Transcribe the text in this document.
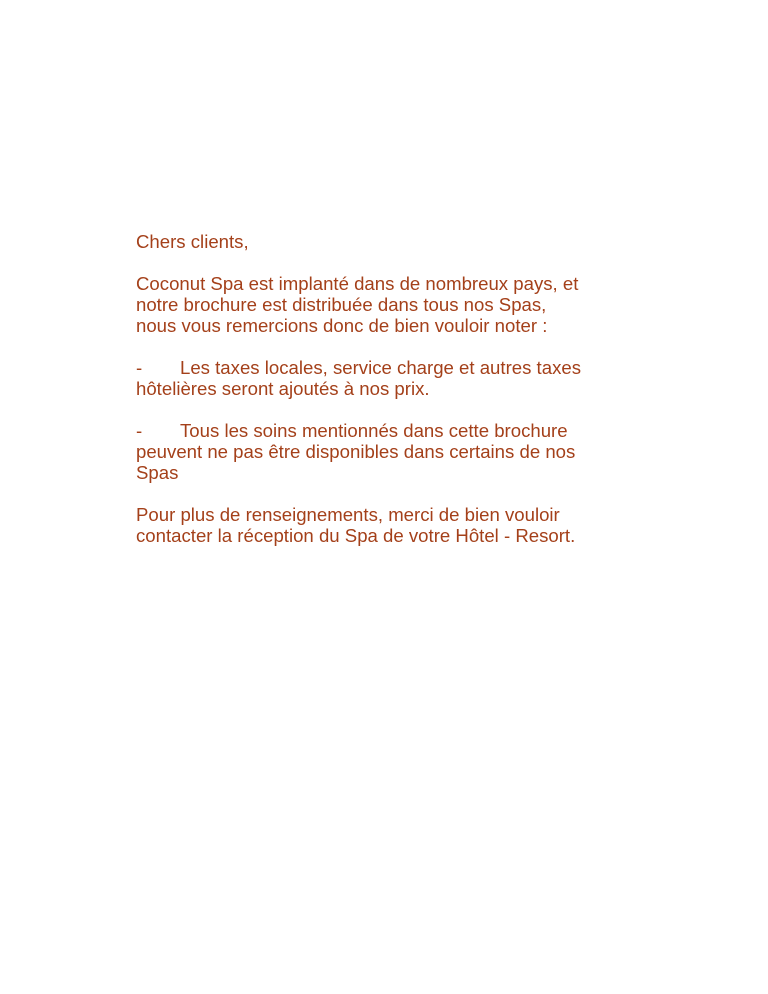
Chers clients,

Coconut Spa est implanté dans de nombreux pays, et
notre brochure est distribuée dans tous nos Spas,
nous vous remercions donc de bien vouloir noter :

- Les taxes locales, service charge et autres taxes
hôtelières seront ajoutés à nos prix.

- Tous les soins mentionnés dans cette brochure
peuvent ne pas être disponibles dans certains de nos
Spas

Pour plus de renseignements, merci de bien vouloir
contacter la réception du Spa de votre Hôtel - Resort.
